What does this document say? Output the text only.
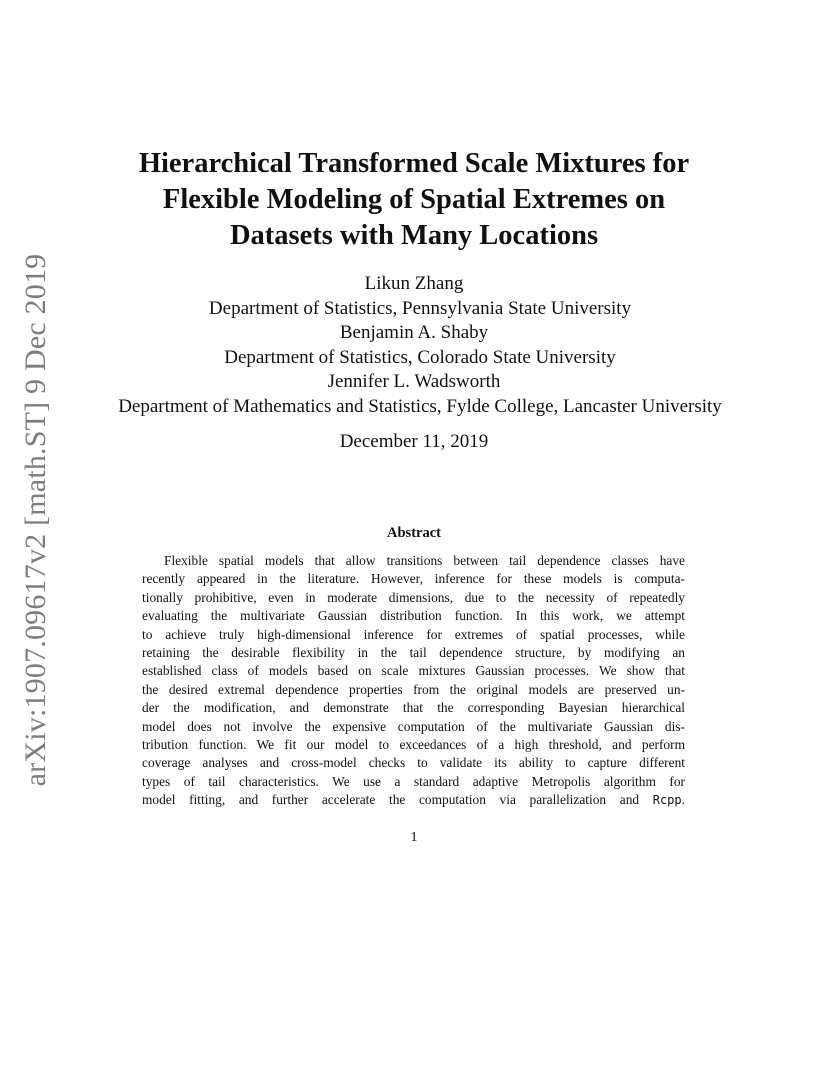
arXiv:1907.09617v2 [math.ST] 9 Dec 2019
Hierarchical Transformed Scale Mixtures for
Flexible Modeling of Spatial Extremes on
Datasets with Many Locations
Likun Zhang
Department of Statistics, Pennsylvania State University
Benjamin A. Shaby
Department of Statistics, Colorado State University
Jennifer L. Wadsworth
Department of Mathematics and Statistics, Fylde College, Lancaster University
December 11, 2019
Abstract
Flexible spatial models that allow transitions between tail dependence classes have
recently appeared in the literature. However, inference for these models is computa-
tionally prohibitive, even in moderate dimensions, due to the necessity of repeatedly
evaluating the multivariate Gaussian distribution function. In this work, we attempt
to achieve truly high-dimensional inference for extremes of spatial processes, while
retaining the desirable flexibility in the tail dependence structure, by modifying an
established class of models based on scale mixtures Gaussian processes. We show that
the desired extremal dependence properties from the original models are preserved un-
der the modification, and demonstrate that the corresponding Bayesian hierarchical
model does not involve the expensive computation of the multivariate Gaussian dis-
tribution function. We fit our model to exceedances of a high threshold, and perform
coverage analyses and cross-model checks to validate its ability to capture different
types of tail characteristics. We use a standard adaptive Metropolis algorithm for
model fitting, and further accelerate the computation via parallelization and Rcpp.
1
